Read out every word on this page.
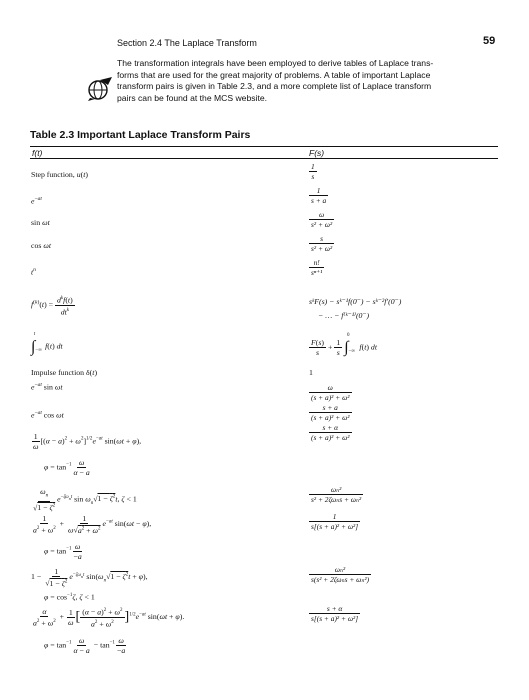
Section 2.4 The Laplace Transform	59
The transformation integrals have been employed to derive tables of Laplace trans-
forms that are used for the great majority of problems. A table of important Laplace
transform pairs is given in Table 2.3, and a more complete list of Laplace transform
pairs can be found at the MCS website.
Table 2.3 Important Laplace Transform Pairs
f(t)	F(s)
Step function, u(t)
$e^{-at}$
sin ωt
cos ωt
$t^n$
$f^{(k)}(t) = \frac{d^kf(t)}{dt^k}$
$\int_{-\infty}^t$ f(t) dt
Impulse function δ(t)
$e^{-at}$ sin ωt
$e^{-at}$ cos ωt
$\frac{1}{\omega} [(\alpha - a)^2 + \omega^2]^{1/2}e^{-at}$ sin(ωt + φ),
$\varphi = \tan^{-1} \frac{\omega}{\alpha - a}$
$\frac{\omega_n}{√1 - \zeta^2} e^{-\zeta\omega_nt}$ $\sin \omega_n√1 - \zeta^2t$, ζ < 1
$\frac{1}{a^2 + \omega^2} + \frac{1}{\omega√a^2 + \omega^2} e^{-at}$ sin(ωt − φ),
$\varphi = \tan^{-1} \frac{\omega}{-a}$
$1 - \frac{1}{√1 - \zeta^2} e^{-\zeta\omega_nt}$ $\sin(\omega_n√1 - \zeta^2t + \varphi)$,
$\varphi = \cos^{-1}\zeta$, ζ < 1
$\frac{\alpha}{a^2 + \omega^2} + \frac{1}{\omega}$ [ $\frac{(\alpha - a)^2 + \omega^2}{a^2 + \omega^2} ]^{1/2}e^{-at}$ sin(ωt + φ).
$\varphi = \tan^{-1} \frac{\omega}{\alpha - a} - \tan^{-1} \frac{\omega}{-a}$
1
s
1
s + a
ω
s² + ω²
s
s² + ω²
n!
sⁿ⁺¹
sᵏF(s) − sᵏ⁻¹f(0⁻) − sᵏ⁻²f′(0⁻)
− … − f⁽ᵏ⁻¹⁾(0⁻)
$\frac{F(s)}{s} + \frac{1}{s} \int_{-\infty}^0$ f(t) dt
1
ω
(s + a)² + ω²
s + a
(s + a)² + ω²
s + α
(s + a)² + ω²
ωₙ²
s² + 2ζωₙs + ωₙ²
1
s[(s + a)² + ω²]
ωₙ²
s(s² + 2ζωₙs + ωₙ²)
s + α
s[(s + a)² + ω²]
